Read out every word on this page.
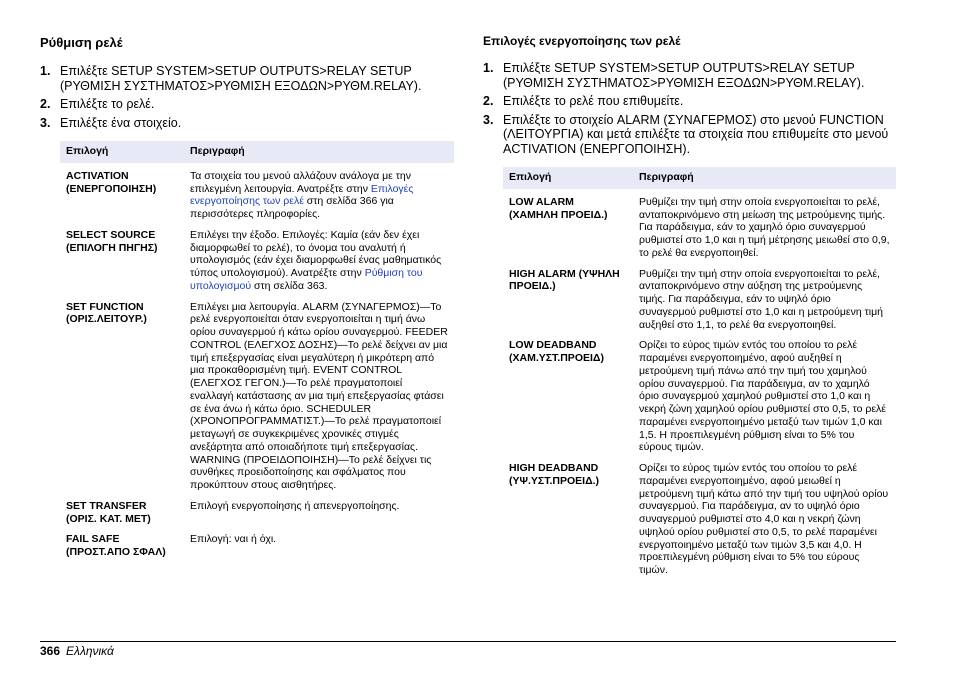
Ρύθμιση ρελέ
1. Επιλέξτε SETUP SYSTEM>SETUP OUTPUTS>RELAY SETUP (ΡΥΘΜΙΣΗ ΣΥΣΤΗΜΑΤΟΣ>ΡΥΘΜΙΣΗ ΕΞΟΔΩΝ>ΡΥΘΜ.RELAY).
2. Επιλέξτε το ρελέ.
3. Επιλέξτε ένα στοιχείο.
Επιλογή	Περιγραφή
ACTIVATION
(ΕΝΕΡΓΟΠΟΙΗΣΗ)	Τα στοιχεία του μενού αλλάζουν ανάλογα με την επιλεγμένη λειτουργία. Ανατρέξτε στην Επιλογές ενεργοποίησης των ρελέ στη σελίδα 366 για περισσότερες πληροφορίες.
SELECT SOURCE
(ΕΠΙΛΟΓΗ ΠΗΓΗΣ)	Επιλέγει την έξοδο. Επιλογές: Καμία (εάν δεν έχει διαμορφωθεί το ρελέ), το όνομα του αναλυτή ή υπολογισμός (εάν έχει διαμορφωθεί ένας μαθηματικός τύπος υπολογισμού). Ανατρέξτε στην Ρύθμιση του υπολογισμού στη σελίδα 363.
SET FUNCTION
(ΟΡΙΣ.ΛΕΙΤΟΥΡ.)	Επιλέγει μια λειτουργία. ALARM (ΣΥΝΑΓΕΡΜΟΣ)—Το ρελέ ενεργοποιείται όταν ενεργοποιείται η τιμή άνω ορίου συναγερμού ή κάτω ορίου συναγερμού. FEEDER CONTROL (ΕΛΕΓΧΟΣ ΔΟΣΗΣ)—Το ρελέ δείχνει αν μια τιμή επεξεργασίας είναι μεγαλύτερη ή μικρότερη από μια προκαθορισμένη τιμή. EVENT CONTROL (ΕΛΕΓΧΟΣ ΓΕΓΟΝ.)—Το ρελέ πραγματοποιεί εναλλαγή κατάστασης αν μια τιμή επεξεργασίας φτάσει σε ένα άνω ή κάτω όριο. SCHEDULER (ΧΡΟΝΟΠΡΟΓΡΑΜΜΑΤΙΣΤ.)—Το ρελέ πραγματοποιεί μεταγωγή σε συγκεκριμένες χρονικές στιγμές ανεξάρτητα από οποιαδήποτε τιμή επεξεργασίας. WARNING (ΠΡΟΕΙΔΟΠΟΙΗΣΗ)—Το ρελέ δείχνει τις συνθήκες προειδοποίησης και σφάλματος που προκύπτουν στους αισθητήρες.
SET TRANSFER
(ΟΡΙΣ. ΚΑΤ. ΜΕΤ)	Επιλογή ενεργοποίησης ή απενεργοποίησης.
FAIL SAFE
(ΠΡΟΣΤ.ΑΠΟ ΣΦΑΛ)	Επιλογή: ναι ή όχι.
Επιλογές ενεργοποίησης των ρελέ
1. Επιλέξτε SETUP SYSTEM>SETUP OUTPUTS>RELAY SETUP (ΡΥΘΜΙΣΗ ΣΥΣΤΗΜΑΤΟΣ>ΡΥΘΜΙΣΗ ΕΞΟΔΩΝ>ΡΥΘΜ.RELAY).
2. Επιλέξτε το ρελέ που επιθυμείτε.
3. Επιλέξτε το στοιχείο ALARM (ΣΥΝΑΓΕΡΜΟΣ) στο μενού FUNCTION (ΛΕΙΤΟΥΡΓΙΑ) και μετά επιλέξτε τα στοιχεία που επιθυμείτε στο μενού ACTIVATION (ΕΝΕΡΓΟΠΟΙΗΣΗ).
Επιλογή	Περιγραφή
LOW ALARM
(ΧΑΜΗΛΗ ΠΡΟΕΙΔ.)	Ρυθμίζει την τιμή στην οποία ενεργοποιείται το ρελέ, ανταποκρινόμενο στη μείωση της μετρούμενης τιμής. Για παράδειγμα, εάν το χαμηλό όριο συναγερμού ρυθμιστεί στο 1,0 και η τιμή μέτρησης μειωθεί στο 0,9, το ρελέ θα ενεργοποιηθεί.
HIGH ALARM (ΥΨΗΛΗ
ΠΡΟΕΙΔ.)	Ρυθμίζει την τιμή στην οποία ενεργοποιείται το ρελέ, ανταποκρινόμενο στην αύξηση της μετρούμενης τιμής. Για παράδειγμα, εάν το υψηλό όριο συναγερμού ρυθμιστεί στο 1,0 και η μετρούμενη τιμή αυξηθεί στο 1,1, το ρελέ θα ενεργοποιηθεί.
LOW DEADBAND
(ΧΑΜ.ΥΣΤ.ΠΡΟΕΙΔ)	Ορίζει το εύρος τιμών εντός του οποίου το ρελέ παραμένει ενεργοποιημένο, αφού αυξηθεί η μετρούμενη τιμή πάνω από την τιμή του χαμηλού ορίου συναγερμού. Για παράδειγμα, αν το χαμηλό όριο συναγερμού χαμηλού ρυθμιστεί στο 1,0 και η νεκρή ζώνη χαμηλού ορίου ρυθμιστεί στο 0,5, το ρελέ παραμένει ενεργοποιημένο μεταξύ των τιμών 1,0 και 1,5. Η προεπιλεγμένη ρύθμιση είναι το 5% του εύρους τιμών.
HIGH DEADBAND
(ΥΨ.ΥΣΤ.ΠΡΟΕΙΔ.)	Ορίζει το εύρος τιμών εντός του οποίου το ρελέ παραμένει ενεργοποιημένο, αφού μειωθεί η μετρούμενη τιμή κάτω από την τιμή του υψηλού ορίου συναγερμού. Για παράδειγμα, αν το υψηλό όριο συναγερμού ρυθμιστεί στο 4,0 και η νεκρή ζώνη υψηλού ορίου ρυθμιστεί στο 0,5, το ρελέ παραμένει ενεργοποιημένο μεταξύ των τιμών 3,5 και 4,0. Η προεπιλεγμένη ρύθμιση είναι το 5% του εύρους τιμών.
366 Ελληνικά
